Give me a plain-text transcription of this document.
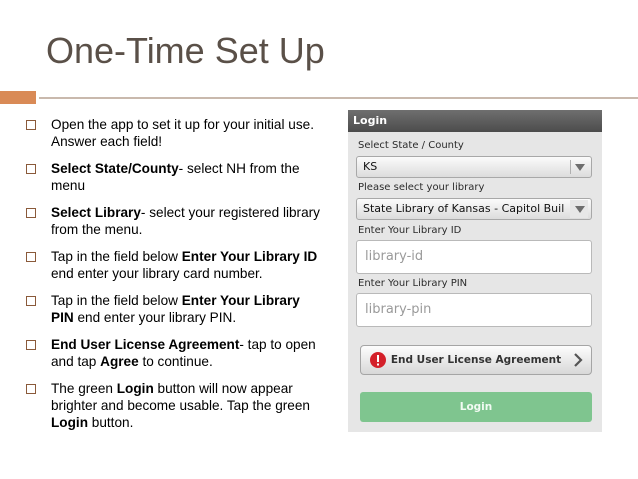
One-Time Set Up
Open the app to set it up for your initial use. Answer each field!
Select State/County- select NH from the menu
Select Library- select your registered library from the menu.
Tap in the field below Enter Your Library ID end enter your library card number.
Tap in the field below Enter Your Library PIN end enter your library PIN.
End User License Agreement- tap to open and tap Agree to continue.
The green Login button will now appear brighter and become usable. Tap the green Login button.
Login
Select State / County
KS
Please select your library
State Library of Kansas - Capitol Buil
Enter Your Library ID
library-id
Enter Your Library PIN
library-pin
End User License Agreement
Login
